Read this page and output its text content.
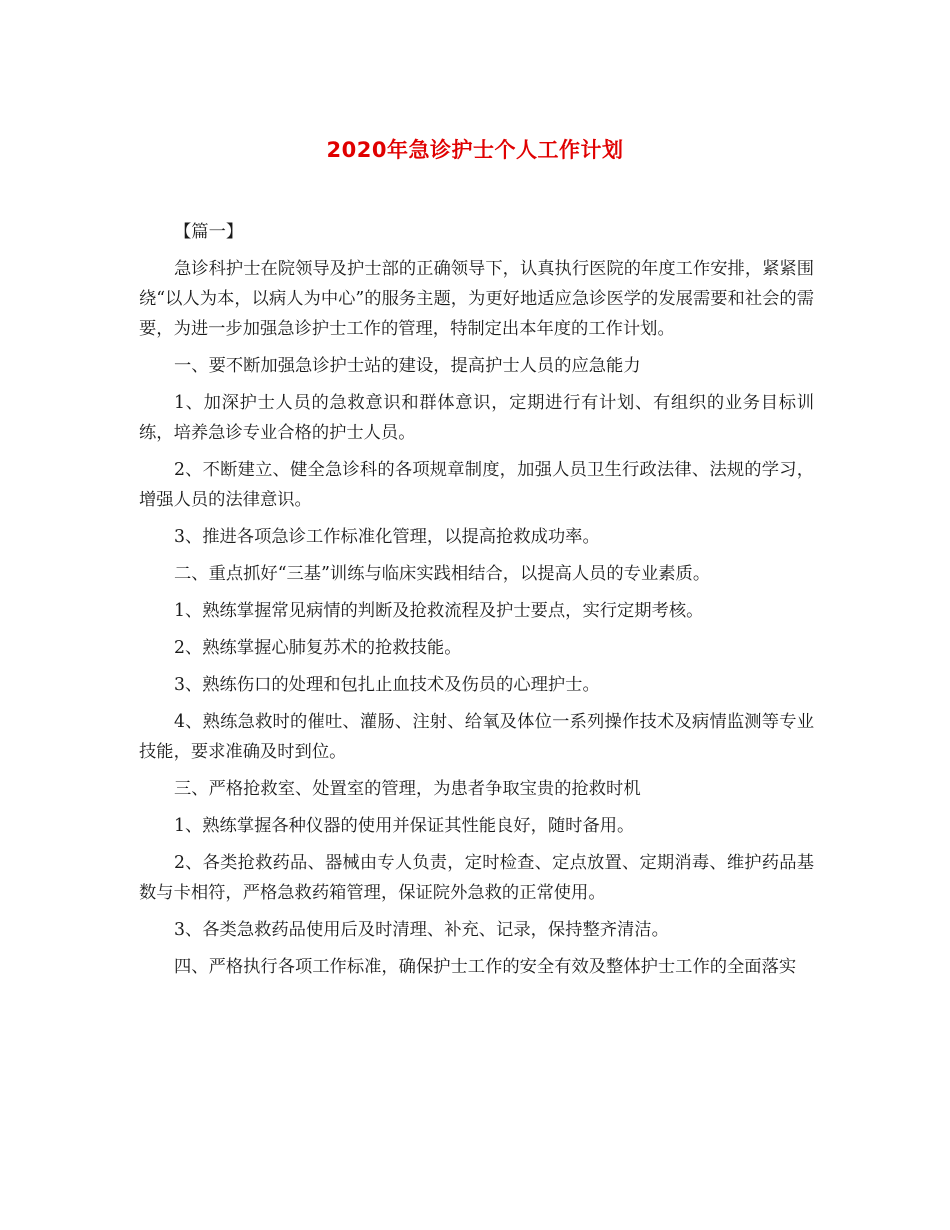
2020年急诊护士个人工作计划

【篇一】

急诊科护士在院领导及护士部的正确领导下，认真执行医院的年度工作安排，紧紧围绕“以人为本，以病人为中心”的服务主题，为更好地适应急诊医学的发展需要和社会的需要，为进一步加强急诊护士工作的管理，特制定出本年度的工作计划。

一、要不断加强急诊护士站的建设，提高护士人员的应急能力

1、加深护士人员的急救意识和群体意识，定期进行有计划、有组织的业务目标训练，培养急诊专业合格的护士人员。

2、不断建立、健全急诊科的各项规章制度，加强人员卫生行政法律、法规的学习，增强人员的法律意识。

3、推进各项急诊工作标准化管理，以提高抢救成功率。

二、重点抓好“三基”训练与临床实践相结合，以提高人员的专业素质。

1、熟练掌握常见病情的判断及抢救流程及护士要点，实行定期考核。

2、熟练掌握心肺复苏术的抢救技能。

3、熟练伤口的处理和包扎止血技术及伤员的心理护士。

4、熟练急救时的催吐、灌肠、注射、给氧及体位一系列操作技术及病情监测等专业技能，要求准确及时到位。

三、严格抢救室、处置室的管理，为患者争取宝贵的抢救时机

1、熟练掌握各种仪器的使用并保证其性能良好，随时备用。

2、各类抢救药品、器械由专人负责，定时检查、定点放置、定期消毒、维护药品基数与卡相符，严格急救药箱管理，保证院外急救的正常使用。

3、各类急救药品使用后及时清理、补充、记录，保持整齐清洁。

四、严格执行各项工作标准，确保护士工作的安全有效及整体护士工作的全面落实
